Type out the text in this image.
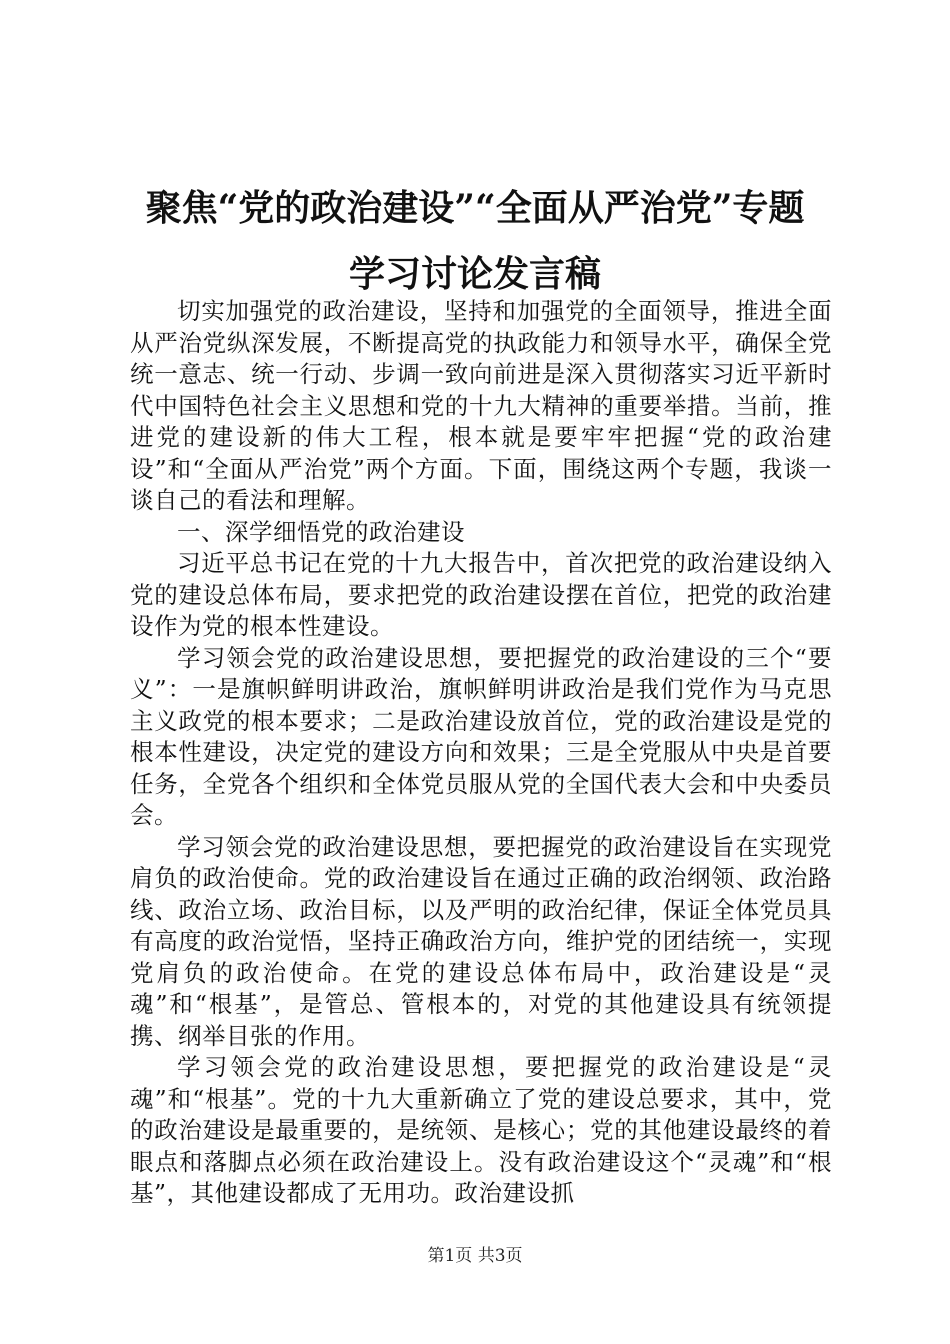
聚焦“党的政治建设”“全面从严治党”专题
学习讨论发言稿

切实加强党的政治建设，坚持和加强党的全面领导，推进全面从严治党纵深发展，不断提高党的执政能力和领导水平，确保全党统一意志、统一行动、步调一致向前进是深入贯彻落实习近平新时代中国特色社会主义思想和党的十九大精神的重要举措。当前，推进党的建设新的伟大工程，根本就是要牢牢把握“党的政治建设”和“全面从严治党”两个方面。下面，围绕这两个专题，我谈一谈自己的看法和理解。

一、深学细悟党的政治建设

习近平总书记在党的十九大报告中，首次把党的政治建设纳入党的建设总体布局，要求把党的政治建设摆在首位，把党的政治建设作为党的根本性建设。

学习领会党的政治建设思想，要把握党的政治建设的三个“要义”：一是旗帜鲜明讲政治，旗帜鲜明讲政治是我们党作为马克思主义政党的根本要求；二是政治建设放首位，党的政治建设是党的根本性建设，决定党的建设方向和效果；三是全党服从中央是首要任务，全党各个组织和全体党员服从党的全国代表大会和中央委员会。

学习领会党的政治建设思想，要把握党的政治建设旨在实现党肩负的政治使命。党的政治建设旨在通过正确的政治纲领、政治路线、政治立场、政治目标，以及严明的政治纪律，保证全体党员具有高度的政治觉悟，坚持正确政治方向，维护党的团结统一，实现党肩负的政治使命。在党的建设总体布局中，政治建设是“灵魂”和“根基”，是管总、管根本的，对党的其他建设具有统领提携、纲举目张的作用。

学习领会党的政治建设思想，要把握党的政治建设是“灵魂”和“根基”。党的十九大重新确立了党的建设总要求，其中，党的政治建设是最重要的，是统领、是核心；党的其他建设最终的着眼点和落脚点必须在政治建设上。没有政治建设这个“灵魂”和“根基”，其他建设都成了无用功。政治建设抓

第1页 共3页
